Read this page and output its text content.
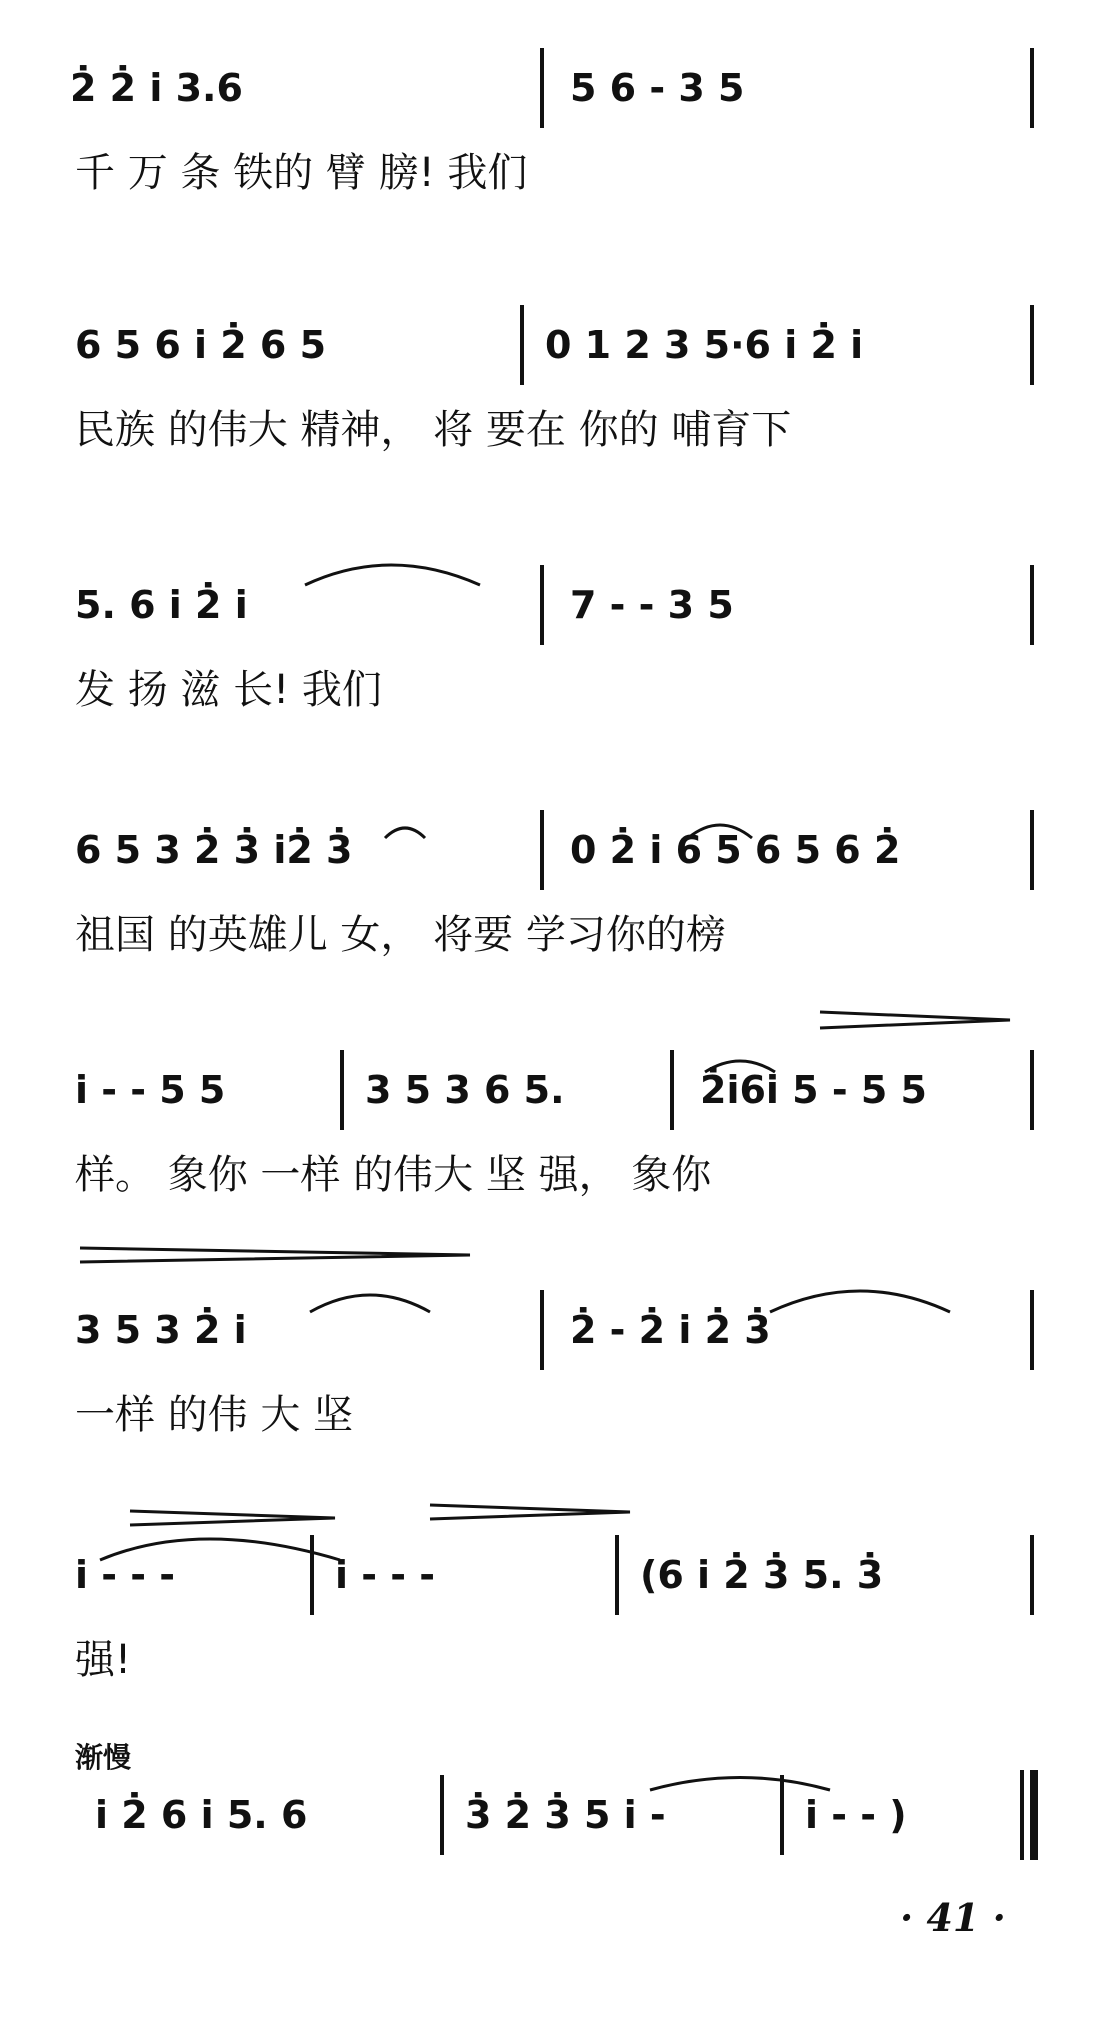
2̇ 2̇ i̇ 3.6	5 6 - 3 5
千 万 条 铁的 臂 膀! 我们
6 5 6 i̇ 2̇ 6 5	0 1 2 3 5·6 i̇ 2̇ i̇
民族 的伟大 精神， 将 要在 你的 哺育下
5. 6 i̇ 2̇ i̇	7 - - 3 5
发 扬 滋 长! 我们
6 5 3 2̇ 3̇ i̇2̇ 3̇	0 2̇ i̇ 6 5 6 5 6 2̇
祖国 的英雄儿 女， 将要 学习你的榜
i̇ - - 5 5	3 5 3 6 5.	2̇i̇6i̇ 5 - 5 5
样。 象你 一样 的伟大 坚 强， 象你
3 5 3 2̇ i̇	2̇ - 2̇ i̇ 2̇ 3̇
一样 的伟 大 坚
i̇ - - -	i̇ - - -	(6 i̇ 2̇ 3̇ 5. 3̇
强!
渐慢
i̇ 2̇ 6 i̇ 5. 6	3̇ 2̇ 3̇ 5 i̇ -	i̇ - - )
· 41 ·
